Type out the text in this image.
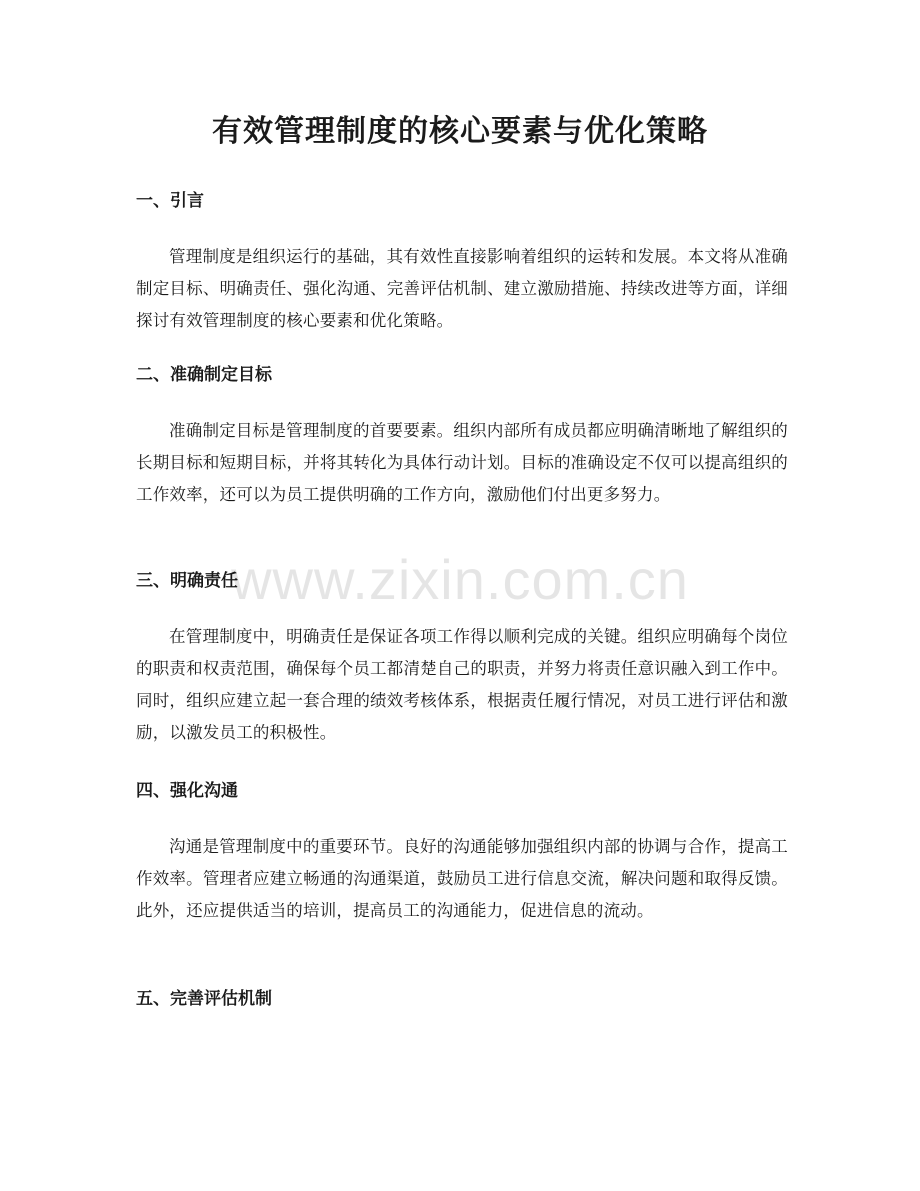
有效管理制度的核心要素与优化策略
一、引言

管理制度是组织运行的基础，其有效性直接影响着组织的运转和发展。本文将从准确制定目标、明确责任、强化沟通、完善评估机制、建立激励措施、持续改进等方面，详细探讨有效管理制度的核心要素和优化策略。

二、准确制定目标

准确制定目标是管理制度的首要要素。组织内部所有成员都应明确清晰地了解组织的长期目标和短期目标，并将其转化为具体行动计划。目标的准确设定不仅可以提高组织的工作效率，还可以为员工提供明确的工作方向，激励他们付出更多努力。

三、明确责任

在管理制度中，明确责任是保证各项工作得以顺利完成的关键。组织应明确每个岗位的职责和权责范围，确保每个员工都清楚自己的职责，并努力将责任意识融入到工作中。同时，组织应建立起一套合理的绩效考核体系，根据责任履行情况，对员工进行评估和激励，以激发员工的积极性。

四、强化沟通

沟通是管理制度中的重要环节。良好的沟通能够加强组织内部的协调与合作，提高工作效率。管理者应建立畅通的沟通渠道，鼓励员工进行信息交流，解决问题和取得反馈。此外，还应提供适当的培训，提高员工的沟通能力，促进信息的流动。

五、完善评估机制
www.zixin.com.cn
